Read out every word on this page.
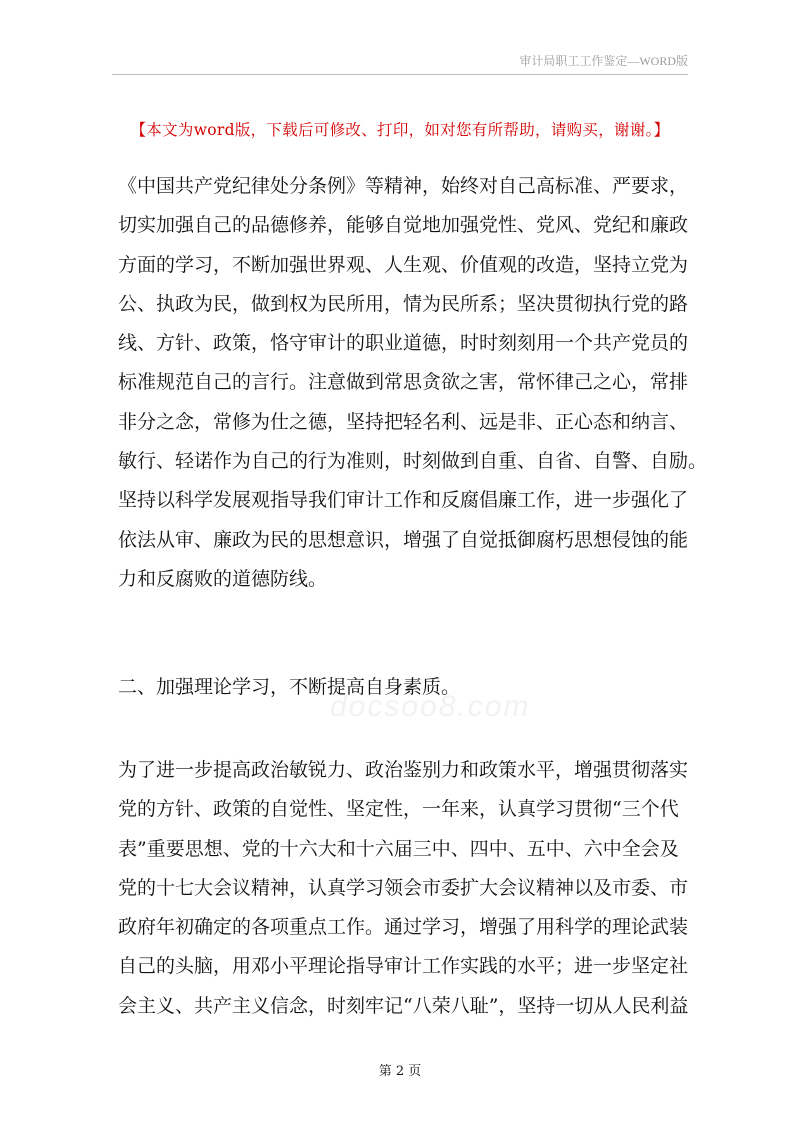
审计局职工工作鉴定—WORD版
【本文为word版，下载后可修改、打印，如对您有所帮助，请购买，谢谢。】
《中国共产党纪律处分条例》等精神，始终对自己高标准、严要求，
切实加强自己的品德修养，能够自觉地加强党性、党风、党纪和廉政
方面的学习，不断加强世界观、人生观、价值观的改造，坚持立党为
公、执政为民，做到权为民所用，情为民所系；坚决贯彻执行党的路
线、方针、政策，恪守审计的职业道德，时时刻刻用一个共产党员的
标准规范自己的言行。注意做到常思贪欲之害，常怀律己之心，常排
非分之念，常修为仕之德，坚持把轻名利、远是非、正心态和纳言、
敏行、轻诺作为自己的行为准则，时刻做到自重、自省、自警、自励。
坚持以科学发展观指导我们审计工作和反腐倡廉工作，进一步强化了
依法从审、廉政为民的思想意识，增强了自觉抵御腐朽思想侵蚀的能
力和反腐败的道德防线。
二、加强理论学习，不断提高自身素质。
docsoo8.com
为了进一步提高政治敏锐力、政治鉴别力和政策水平，增强贯彻落实
党的方针、政策的自觉性、坚定性，一年来，认真学习贯彻“三个代
表”重要思想、党的十六大和十六届三中、四中、五中、六中全会及
党的十七大会议精神，认真学习领会市委扩大会议精神以及市委、市
政府年初确定的各项重点工作。通过学习，增强了用科学的理论武装
自己的头脑，用邓小平理论指导审计工作实践的水平；进一步坚定社
会主义、共产主义信念，时刻牢记“八荣八耻”，坚持一切从人民利益
第 2 页
